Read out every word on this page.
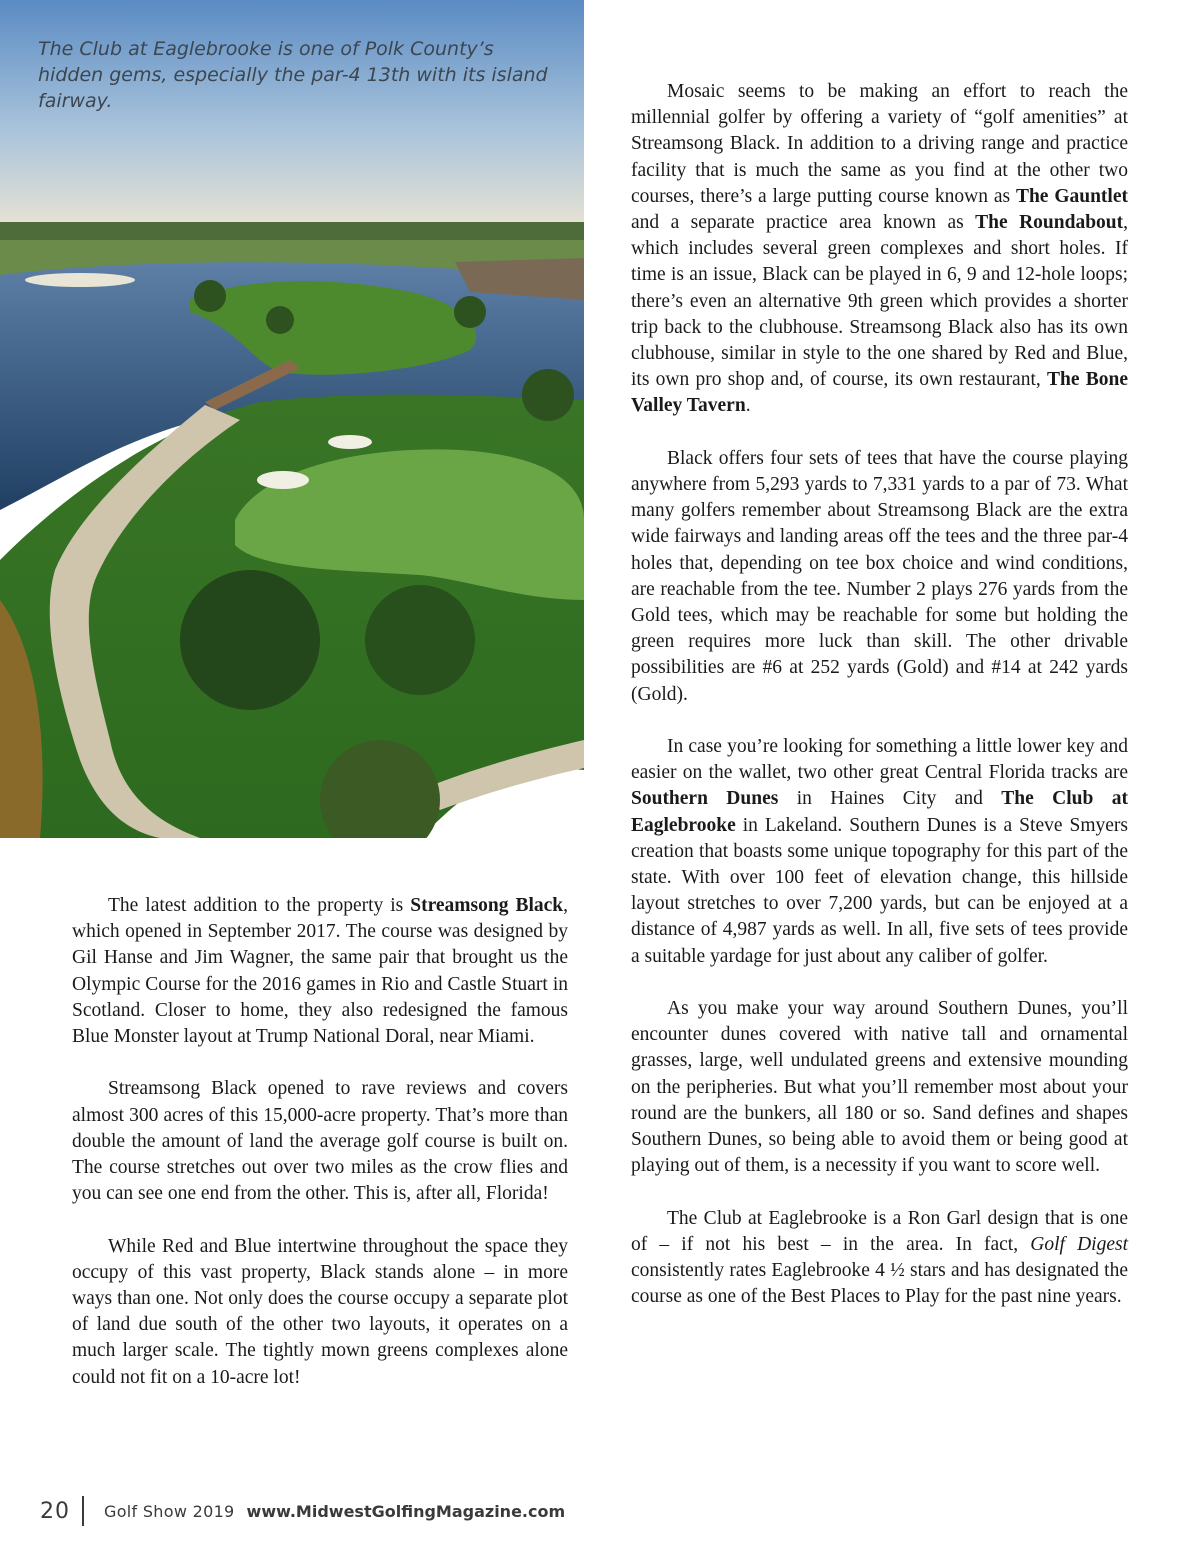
The Club at Eaglebrooke is one of Polk County’s hidden gems, especially the par-4 13th with its island fairway.

The latest addition to the property is Streamsong Black, which opened in September 2017. The course was designed by Gil Hanse and Jim Wagner, the same pair that brought us the Olympic Course for the 2016 games in Rio and Castle Stuart in Scotland. Closer to home, they also redesigned the famous Blue Monster layout at Trump National Doral, near Miami.

Streamsong Black opened to rave reviews and covers almost 300 acres of this 15,000-acre property. That’s more than double the amount of land the average golf course is built on. The course stretches out over two miles as the crow flies and you can see one end from the other. This is, after all, Florida!

While Red and Blue intertwine throughout the space they occupy of this vast property, Black stands alone – in more ways than one. Not only does the course occupy a separate plot of land due south of the other two layouts, it operates on a much larger scale. The tightly mown greens complexes alone could not fit on a 10-acre lot!

Mosaic seems to be making an effort to reach the millennial golfer by offering a variety of “golf amenities” at Streamsong Black. In addition to a driving range and practice facility that is much the same as you find at the other two courses, there’s a large putting course known as The Gauntlet and a separate practice area known as The Roundabout, which includes several green complexes and short holes. If time is an issue, Black can be played in 6, 9 and 12-hole loops; there’s even an alternative 9th green which provides a shorter trip back to the clubhouse. Streamsong Black also has its own clubhouse, similar in style to the one shared by Red and Blue, its own pro shop and, of course, its own restaurant, The Bone Valley Tavern.

Black offers four sets of tees that have the course playing anywhere from 5,293 yards to 7,331 yards to a par of 73. What many golfers remember about Streamsong Black are the extra wide fairways and landing areas off the tees and the three par-4 holes that, depending on tee box choice and wind conditions, are reachable from the tee. Number 2 plays 276 yards from the Gold tees, which may be reachable for some but holding the green requires more luck than skill. The other drivable possibilities are #6 at 252 yards (Gold) and #14 at 242 yards (Gold).

In case you’re looking for something a little lower key and easier on the wallet, two other great Central Florida tracks are Southern Dunes in Haines City and The Club at Eaglebrooke in Lakeland. Southern Dunes is a Steve Smyers creation that boasts some unique topography for this part of the state. With over 100 feet of elevation change, this hillside layout stretches to over 7,200 yards, but can be enjoyed at a distance of 4,987 yards as well. In all, five sets of tees provide a suitable yardage for just about any caliber of golfer.

As you make your way around Southern Dunes, you’ll encounter dunes covered with native tall and ornamental grasses, large, well undulated greens and extensive mounding on the peripheries. But what you’ll remember most about your round are the bunkers, all 180 or so. Sand defines and shapes Southern Dunes, so being able to avoid them or being good at playing out of them, is a necessity if you want to score well.

The Club at Eaglebrooke is a Ron Garl design that is one of – if not his best – in the area. In fact, Golf Digest consistently rates Eaglebrooke 4 ½ stars and has designated the course as one of the Best Places to Play for the past nine years.

20 Golf Show 2019 www.MidwestGolfingMagazine.com
